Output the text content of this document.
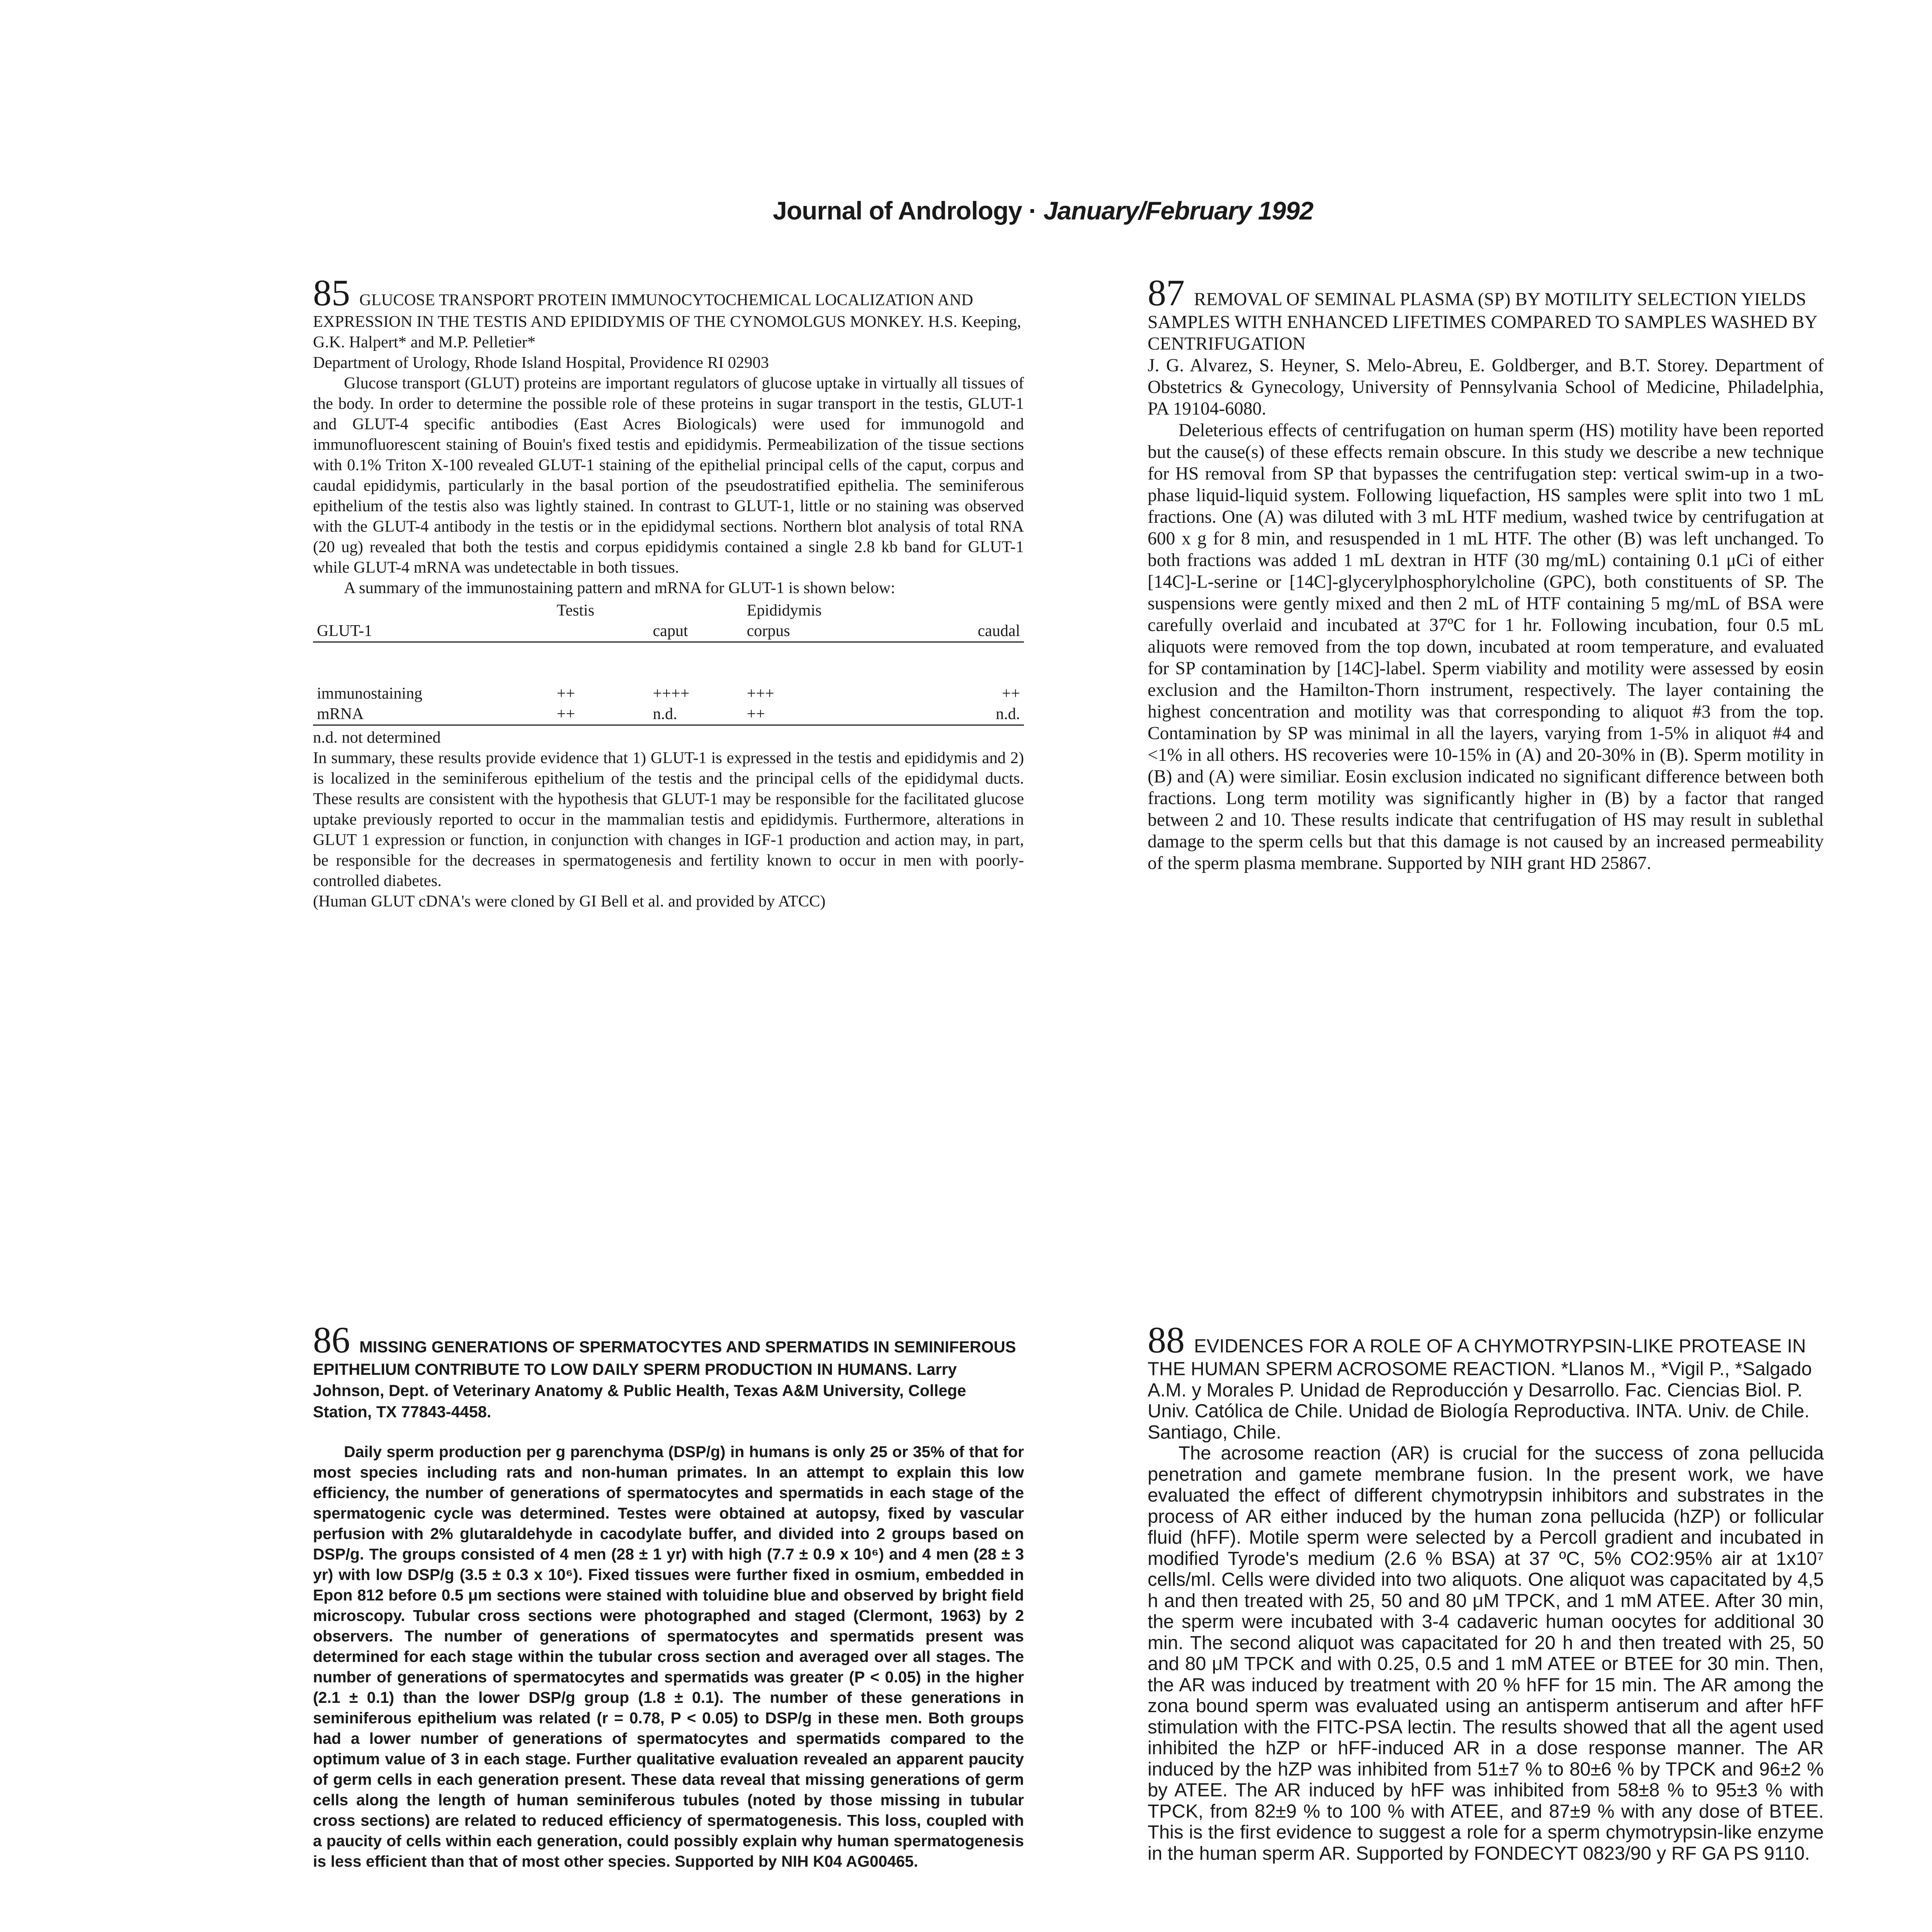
Journal of Andrology · January/February 1992

85 GLUCOSE TRANSPORT PROTEIN IMMUNOCYTOCHEMICAL LOCALIZATION AND EXPRESSION IN THE TESTIS AND EPIDIDYMIS OF THE CYNOMOLGUS MONKEY. H.S. Keeping, G.K. Halpert* and M.P. Pelletier*
Department of Urology, Rhode Island Hospital, Providence RI 02903

Glucose transport (GLUT) proteins are important regulators of glucose uptake in virtually all tissues of the body. In order to determine the possible role of these proteins in sugar transport in the testis, GLUT-1 and GLUT-4 specific antibodies (East Acres Biologicals) were used for immunogold and immunofluorescent staining of Bouin's fixed testis and epididymis. Permeabilization of the tissue sections with 0.1% Triton X-100 revealed GLUT-1 staining of the epithelial principal cells of the caput, corpus and caudal epididymis, particularly in the basal portion of the pseudostratified epithelia. The seminiferous epithelium of the testis also was lightly stained. In contrast to GLUT-1, little or no staining was observed with the GLUT-4 antibody in the testis or in the epididymal sections. Northern blot analysis of total RNA (20 ug) revealed that both the testis and corpus epididymis contained a single 2.8 kb band for GLUT-1 while GLUT-4 mRNA was undetectable in both tissues.

A summary of the immunostaining pattern and mRNA for GLUT-1 is shown below:

	Testis		Epididymis	
GLUT-1		caput	corpus	caudal

immunostaining	++	++++	+++	++
mRNA	++	n.d.	++	n.d.

n.d. not determined

In summary, these results provide evidence that 1) GLUT-1 is expressed in the testis and epididymis and 2) is localized in the seminiferous epithelium of the testis and the principal cells of the epididymal ducts. These results are consistent with the hypothesis that GLUT-1 may be responsible for the facilitated glucose uptake previously reported to occur in the mammalian testis and epididymis. Furthermore, alterations in GLUT 1 expression or function, in conjunction with changes in IGF-1 production and action may, in part, be responsible for the decreases in spermatogenesis and fertility known to occur in men with poorly-controlled diabetes.

(Human GLUT cDNA's were cloned by GI Bell et al. and provided by ATCC)

87 REMOVAL OF SEMINAL PLASMA (SP) BY MOTILITY SELECTION YIELDS SAMPLES WITH ENHANCED LIFETIMES COMPARED TO SAMPLES WASHED BY CENTRIFUGATION

J. G. Alvarez, S. Heyner, S. Melo-Abreu, E. Goldberger, and B.T. Storey. Department of Obstetrics & Gynecology, University of Pennsylvania School of Medicine, Philadelphia, PA 19104-6080.

Deleterious effects of centrifugation on human sperm (HS) motility have been reported but the cause(s) of these effects remain obscure. In this study we describe a new technique for HS removal from SP that bypasses the centrifugation step: vertical swim-up in a two-phase liquid-liquid system. Following liquefaction, HS samples were split into two 1 mL fractions. One (A) was diluted with 3 mL HTF medium, washed twice by centrifugation at 600 x g for 8 min, and resuspended in 1 mL HTF. The other (B) was left unchanged. To both fractions was added 1 mL dextran in HTF (30 mg/mL) containing 0.1 μCi of either [14C]-L-serine or [14C]-glycerylphosphorylcholine (GPC), both constituents of SP. The suspensions were gently mixed and then 2 mL of HTF containing 5 mg/mL of BSA were carefully overlaid and incubated at 37ºC for 1 hr. Following incubation, four 0.5 mL aliquots were removed from the top down, incubated at room temperature, and evaluated for SP contamination by [14C]-label. Sperm viability and motility were assessed by eosin exclusion and the Hamilton-Thorn instrument, respectively. The layer containing the highest concentration and motility was that corresponding to aliquot #3 from the top. Contamination by SP was minimal in all the layers, varying from 1-5% in aliquot #4 and <1% in all others. HS recoveries were 10-15% in (A) and 20-30% in (B). Sperm motility in (B) and (A) were similiar. Eosin exclusion indicated no significant difference between both fractions. Long term motility was significantly higher in (B) by a factor that ranged between 2 and 10. These results indicate that centrifugation of HS may result in sublethal damage to the sperm cells but that this damage is not caused by an increased permeability of the sperm plasma membrane. Supported by NIH grant HD 25867.

86 MISSING GENERATIONS OF SPERMATOCYTES AND SPERMATIDS IN SEMINIFEROUS EPITHELIUM CONTRIBUTE TO LOW DAILY SPERM PRODUCTION IN HUMANS. Larry Johnson, Dept. of Veterinary Anatomy & Public Health, Texas A&M University, College Station, TX 77843-4458.

Daily sperm production per g parenchyma (DSP/g) in humans is only 25 or 35% of that for most species including rats and non-human primates. In an attempt to explain this low efficiency, the number of generations of spermatocytes and spermatids in each stage of the spermatogenic cycle was determined. Testes were obtained at autopsy, fixed by vascular perfusion with 2% glutaraldehyde in cacodylate buffer, and divided into 2 groups based on DSP/g. The groups consisted of 4 men (28 ± 1 yr) with high (7.7 ± 0.9 x 10⁶) and 4 men (28 ± 3 yr) with low DSP/g (3.5 ± 0.3 x 10⁶). Fixed tissues were further fixed in osmium, embedded in Epon 812 before 0.5 μm sections were stained with toluidine blue and observed by bright field microscopy. Tubular cross sections were photographed and staged (Clermont, 1963) by 2 observers. The number of generations of spermatocytes and spermatids present was determined for each stage within the tubular cross section and averaged over all stages. The number of generations of spermatocytes and spermatids was greater (P < 0.05) in the higher (2.1 ± 0.1) than the lower DSP/g group (1.8 ± 0.1). The number of these generations in seminiferous epithelium was related (r = 0.78, P < 0.05) to DSP/g in these men. Both groups had a lower number of generations of spermatocytes and spermatids compared to the optimum value of 3 in each stage. Further qualitative evaluation revealed an apparent paucity of germ cells in each generation present. These data reveal that missing generations of germ cells along the length of human seminiferous tubules (noted by those missing in tubular cross sections) are related to reduced efficiency of spermatogenesis. This loss, coupled with a paucity of cells within each generation, could possibly explain why human spermatogenesis is less efficient than that of most other species. Supported by NIH K04 AG00465.

88 EVIDENCES FOR A ROLE OF A CHYMOTRYPSIN-LIKE PROTEASE IN THE HUMAN SPERM ACROSOME REACTION. *Llanos M., *Vigil P., *Salgado A.M. y Morales P. Unidad de Reproducción y Desarrollo. Fac. Ciencias Biol. P. Univ. Católica de Chile. Unidad de Biología Reproductiva. INTA. Univ. de Chile. Santiago, Chile.

The acrosome reaction (AR) is crucial for the success of zona pellucida penetration and gamete membrane fusion. In the present work, we have evaluated the effect of different chymotrypsin inhibitors and substrates in the process of AR either induced by the human zona pellucida (hZP) or follicular fluid (hFF). Motile sperm were selected by a Percoll gradient and incubated in modified Tyrode's medium (2.6 % BSA) at 37 ºC, 5% CO2:95% air at 1x10⁷ cells/ml. Cells were divided into two aliquots. One aliquot was capacitated by 4,5 h and then treated with 25, 50 and 80 μM TPCK, and 1 mM ATEE. After 30 min, the sperm were incubated with 3-4 cadaveric human oocytes for additional 30 min. The second aliquot was capacitated for 20 h and then treated with 25, 50 and 80 μM TPCK and with 0.25, 0.5 and 1 mM ATEE or BTEE for 30 min. Then, the AR was induced by treatment with 20 % hFF for 15 min. The AR among the zona bound sperm was evaluated using an antisperm antiserum and after hFF stimulation with the FITC-PSA lectin. The results showed that all the agent used inhibited the hZP or hFF-induced AR in a dose response manner. The AR induced by the hZP was inhibited from 51±7 % to 80±6 % by TPCK and 96±2 % by ATEE. The AR induced by hFF was inhibited from 58±8 % to 95±3 % with TPCK, from 82±9 % to 100 % with ATEE, and 87±9 % with any dose of BTEE. This is the first evidence to suggest a role for a sperm chymotrypsin-like enzyme in the human sperm AR. Supported by FONDECYT 0823/90 y RF GA PS 9110.
